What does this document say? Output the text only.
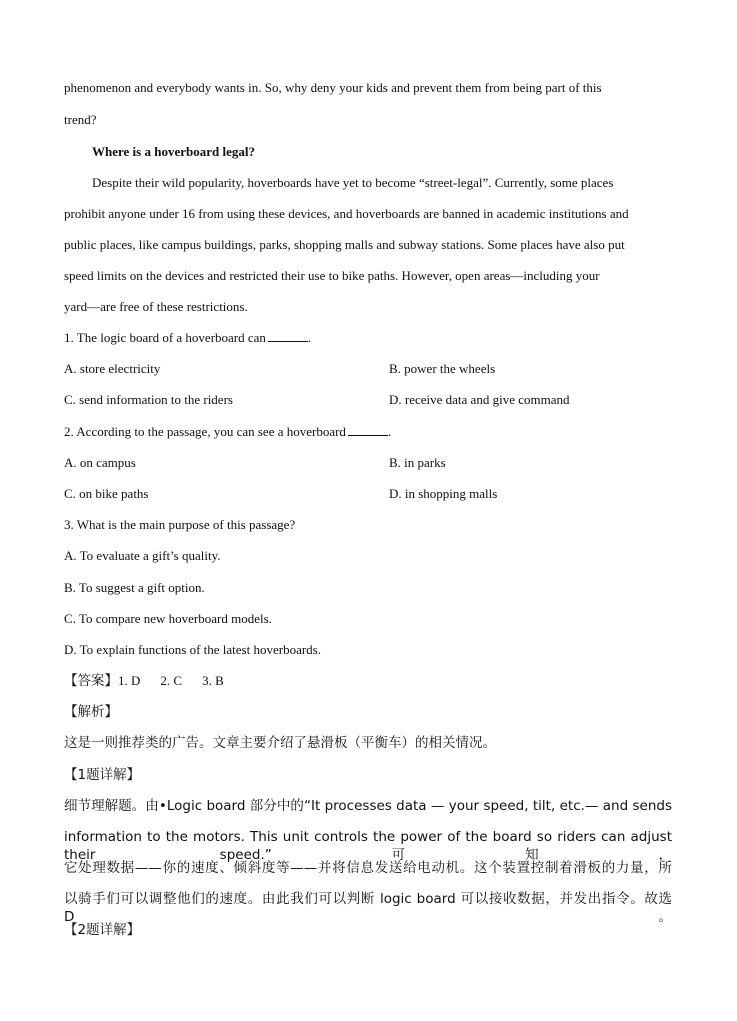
phenomenon and everybody wants in. So, why deny your kids and prevent them from being part of this
trend?
Where is a hoverboard legal?
Despite their wild popularity, hoverboards have yet to become “street-legal”. Currently, some places
prohibit anyone under 16 from using these devices, and hoverboards are banned in academic institutions and
public places, like campus buildings, parks, shopping malls and subway stations. Some places have also put
speed limits on the devices and restricted their use to bike paths. However, open areas—including your
yard—are free of these restrictions.
1. The logic board of a hoverboard can	.
A. store electricity	B. power the wheels
C. send information to the riders	D. receive data and give command
2. According to the passage, you can see a hoverboard	.
A. on campus	B. in parks
C. on bike paths	D. in shopping malls
3. What is the main purpose of this passage?
A. To evaluate a gift’s quality.
B. To suggest a gift option.
C. To compare new hoverboard models.
D. To explain functions of the latest hoverboards.
【答案】1. D 2. C 3. B
【解析】
这是一则推荐类的广告。文章主要介绍了悬滑板（平衡车）的相关情况。
【1题详解】
细节理解题。由•Logic board 部分中的“It processes data — your speed, tilt, etc.— and sends
information to the motors. This unit controls the power of the board so riders can adjust their speed.”可知，
它处理数据——你的速度、倾斜度等——并将信息发送给电动机。这个装置控制着滑板的力量，所
以骑手们可以调整他们的速度。由此我们可以判断 logic board 可以接收数据，并发出指令。故选 D。
【2题详解】
